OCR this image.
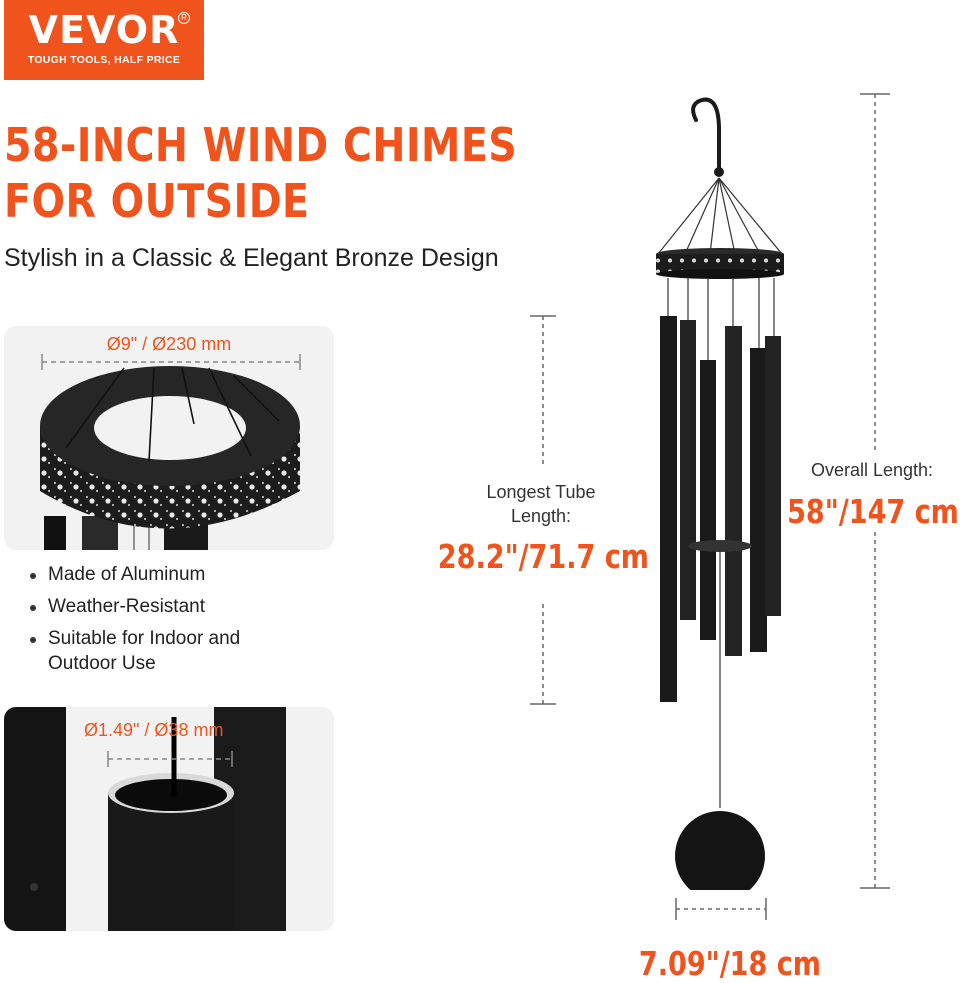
VEVOR R
TOUGH TOOLS, HALF PRICE
58-INCH WIND CHIMES
FOR OUTSIDE
Stylish in a Classic & Elegant Bronze Design
Ø9" / Ø230 mm
Made of Aluminum
Weather-Resistant
Suitable for Indoor and
Outdoor Use
Ø1.49" / Ø38 mm
Longest Tube
Length:
28.2"/71.7 cm
Overall Length:
58"/147 cm
7.09"/18 cm
